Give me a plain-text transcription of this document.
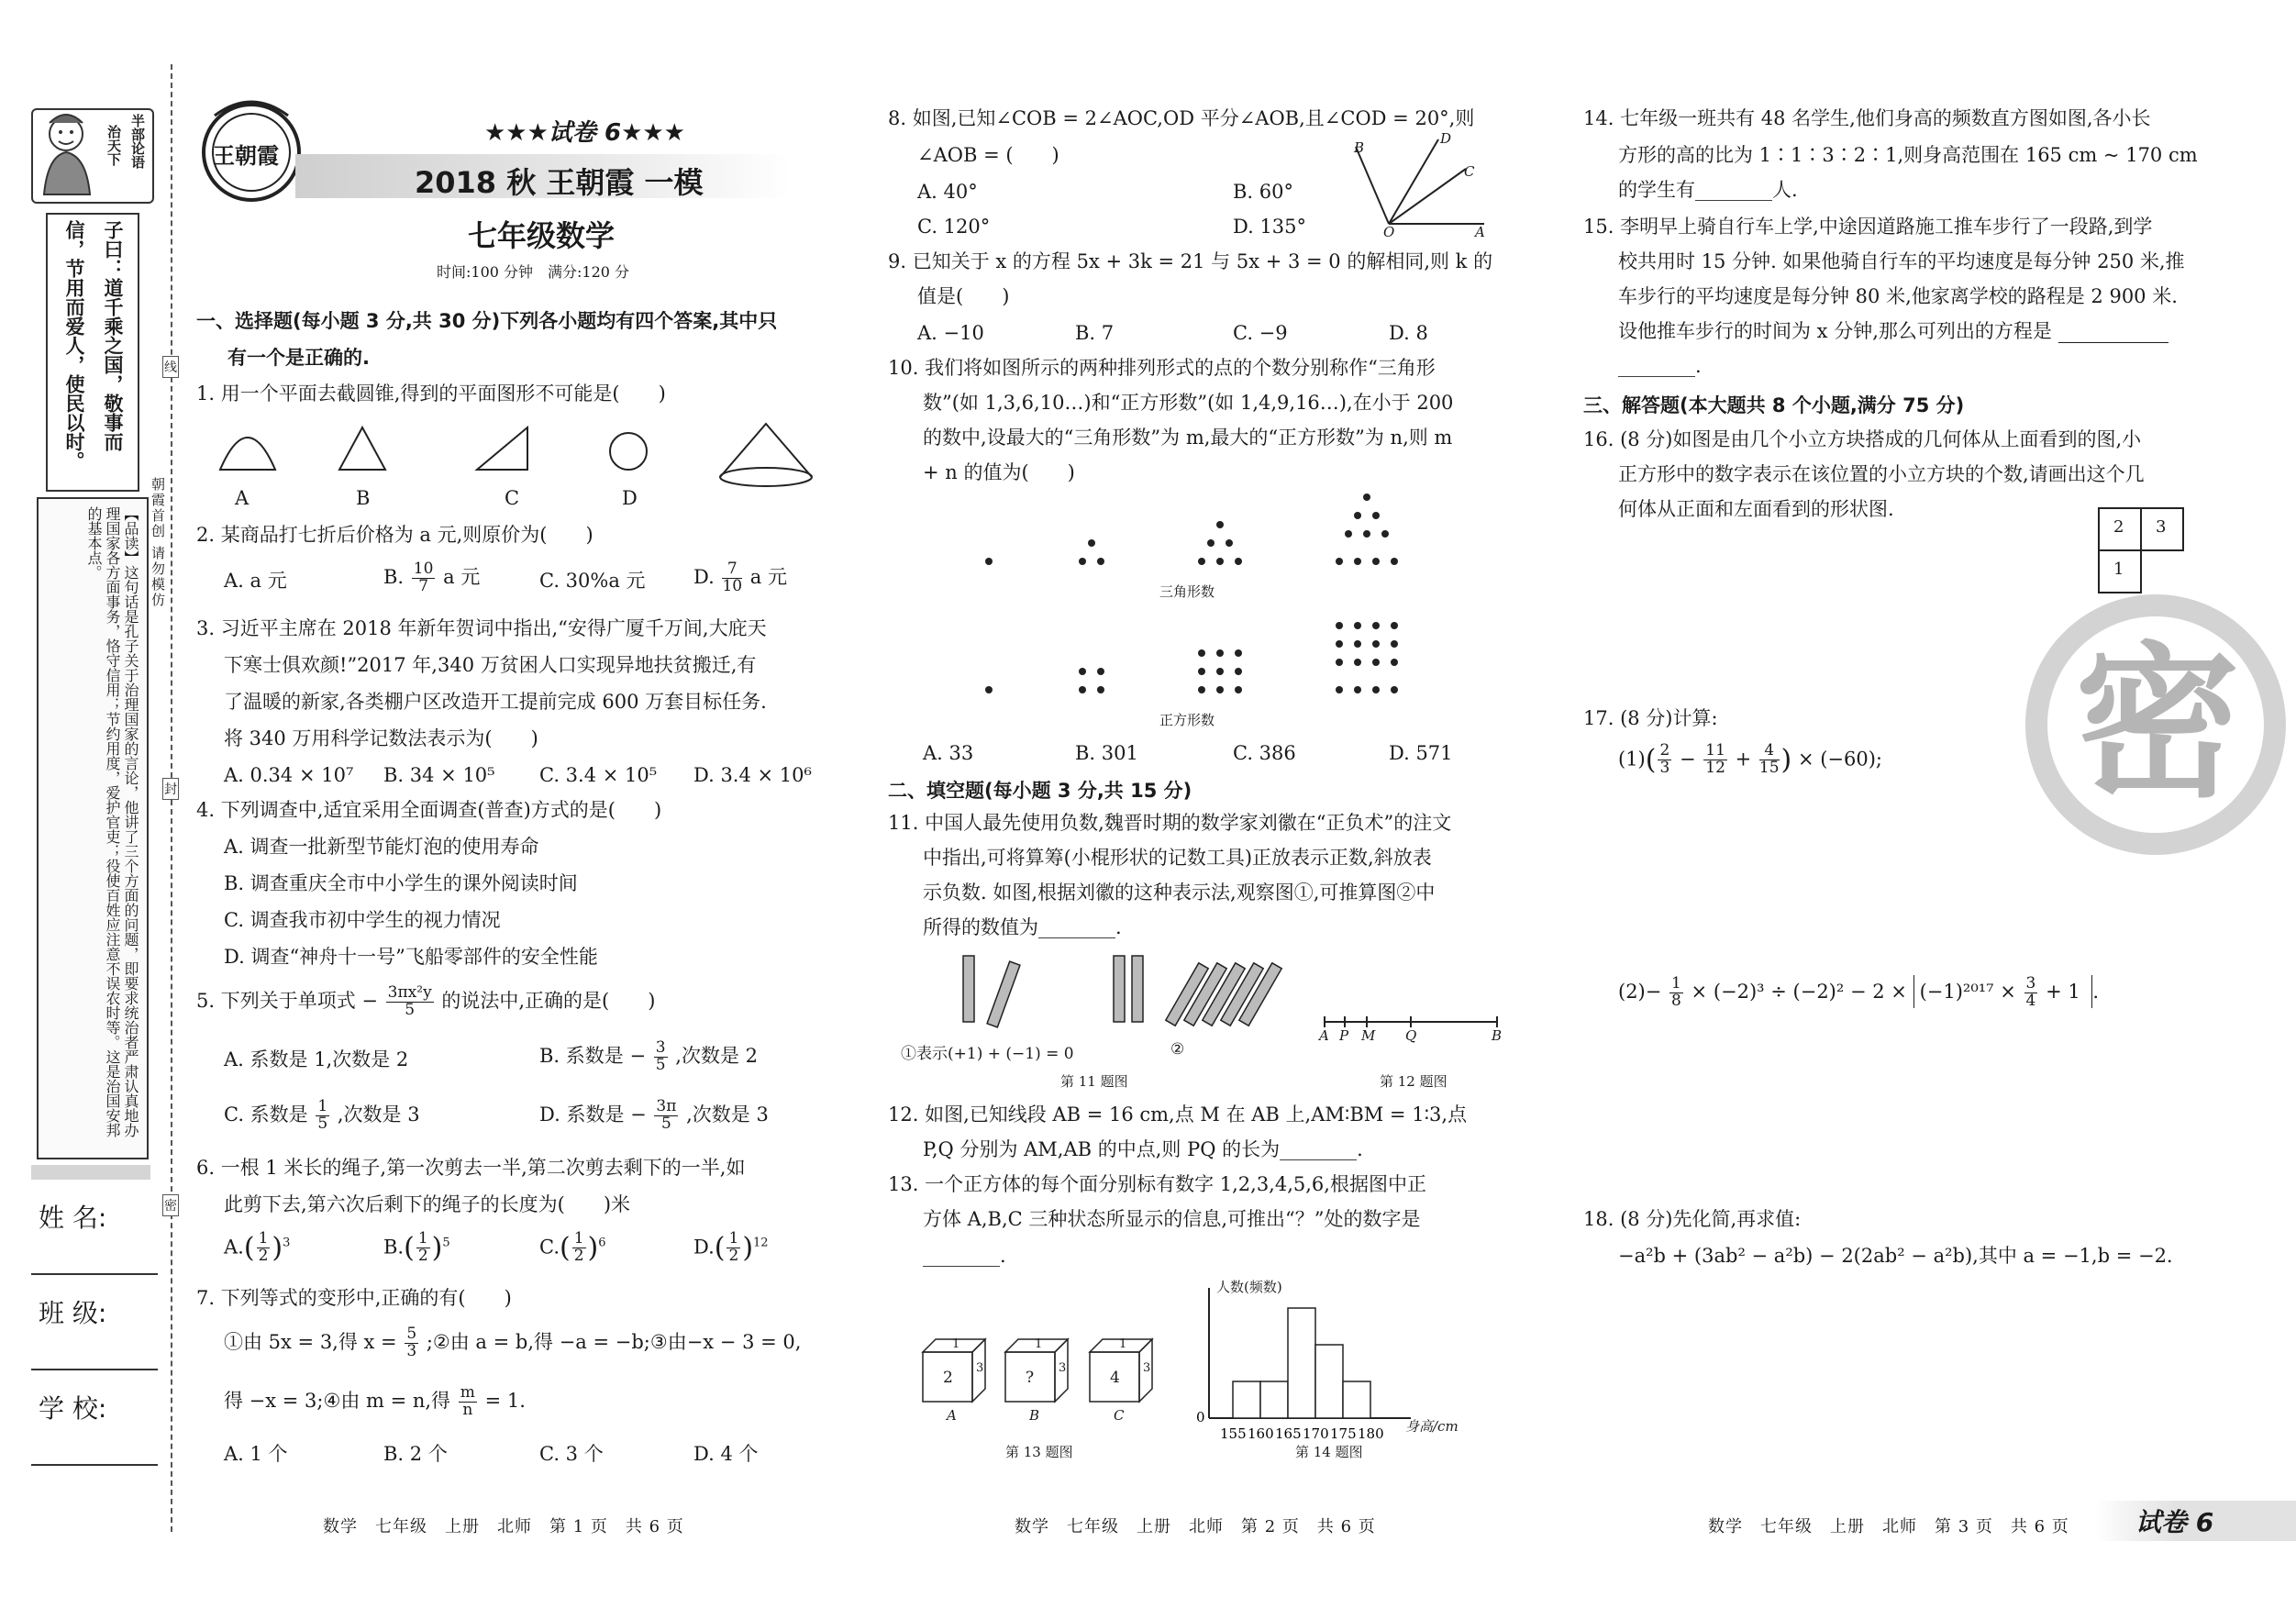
半部论语
治天下
子曰：道千乘之国，敬事而
信，节用而爱人，使民以时。
【品读】这句话是孔子关于治理国家的言论，他讲了三个方面的问题，即要求统治者严肃认真地办理国家各方面事务，恪守信用；节约用度，爱护官吏；役使百姓应注意不误农时等。这是治国安邦的基本点。
姓 名:
班 级:
学 校:
线
封
密
朝霞首创 请勿模仿
王朝霞
★★★试卷 6★★★
2018 秋 王朝霞 一模
七年级数学
时间:100 分钟　满分:120 分
一、选择题(每小题 3 分,共 30 分)下列各小题均有四个答案,其中只
有一个是正确的.
1. 用一个平面去截圆锥,得到的平面图形不可能是(　　)
A	B	C	D
2. 某商品打七折后价格为 a 元,则原价为(　　)
A. a 元	B. $\frac{10}{7}$ a 元	C. 30%a 元 D. $\frac{7}{10}$ a 元
3. 习近平主席在 2018 年新年贺词中指出,“安得广厦千万间,大庇天
下寒士俱欢颜!”2017 年,340 万贫困人口实现异地扶贫搬迁,有
了温暖的新家,各类棚户区改造开工提前完成 600 万套目标任务.
将 340 万用科学记数法表示为(　　)
A. 0.34 × 10⁷ B. 34 × 10⁵ C. 3.4 × 10⁵ D. 3.4 × 10⁶
4. 下列调查中,适宜采用全面调查(普查)方式的是(　　)
A. 调查一批新型节能灯泡的使用寿命
B. 调查重庆全市中小学生的课外阅读时间
C. 调查我市初中学生的视力情况
D. 调查“神舟十一号”飞船零部件的安全性能
5. 下列关于单项式 − $\frac{\text{3πx²y}}{5}$ 的说法中,正确的是(　　)
A. 系数是 1,次数是 2	B. 系数是 − $\frac{3}{5}$ ,次数是 2
C. 系数是 $\frac{1}{5}$ ,次数是 3	D. 系数是 − $\frac{3\pi}{5}$ ,次数是 3
6. 一根 1 米长的绳子,第一次剪去一半,第二次剪去剩下的一半,如
此剪下去,第六次后剩下的绳子的长度为(　　)米
$A.( \frac{1}{2} )^3$	$B.( \frac{1}{2} )^5$	$C.( \frac{1}{2} )^6$	$D.( \frac{1}{2} )^{12}$
7. 下列等式的变形中,正确的有(　　)
①由 5x = 3,得 $x = \frac{5}{3}$ ;②由 a = b,得 −a = −b;③由−x − 3 = 0,
得 −x = 3;④由 m = n,得 $\frac{m}{n} = 1$.
A. 1 个	B. 2 个	C. 3 个	D. 4 个
数学　七年级　上册　北师　第 1 页　共 6 页
8. 如图,已知∠COB = 2∠AOC,OD 平分∠AOB,且∠COD = 20°,则
∠AOB = (　　)
A. 40°	B. 60°
C. 120°	D. 135°
B
D
C
O	A
9. 已知关于 x 的方程 5x + 3k = 21 与 5x + 3 = 0 的解相同,则 k 的
值是(　　)
A. −10	B. 7	C. −9	D. 8
10. 我们将如图所示的两种排列形式的点的个数分别称作“三角形
数”(如 1,3,6,10…)和“正方形数”(如 1,4,9,16…),在小于 200
的数中,设最大的“三角形数”为 m,最大的“正方形数”为 n,则 m
+ n 的值为(　　)
三角形数
正方形数
A. 33	B. 301	C. 386	D. 571
二、填空题(每小题 3 分,共 15 分)
11. 中国人最先使用负数,魏晋时期的数学家刘徽在“正负术”的注文
中指出,可将算筹(小棍形状的记数工具)正放表示正数,斜放表
示负数. 如图,根据刘徽的这种表示法,观察图①,可推算图②中
所得的数值为________.
①表示(+1) + (−1) = 0	②
第 11 题图
A P M Q	B
第 12 题图
12. 如图,已知线段 AB = 16 cm,点 M 在 AB 上,AM∶BM = 1∶3,点
P,Q 分别为 AM,AB 的中点,则 PQ 的长为________.
13. 一个正方体的每个面分别标有数字 1,2,3,4,5,6,根据图中正
方体 A,B,C 三种状态所显示的信息,可推出“？”处的数字是
________.
1
2
3
A
1
?
3
B
1
4
3
C
第 13 题图
0
155 160 165 170 175 180
人数(频数)
身高/cm
第 14 题图
数学　七年级　上册　北师　第 2 页　共 6 页
14. 七年级一班共有 48 名学生,他们身高的频数直方图如图,各小长
方形的高的比为 1∶1∶3∶2∶1,则身高范围在 165 cm ~ 170 cm
的学生有________人.
15. 李明早上骑自行车上学,中途因道路施工推车步行了一段路,到学
校共用时 15 分钟. 如果他骑自行车的平均速度是每分钟 250 米,推
车步行的平均速度是每分钟 80 米,他家离学校的路程是 2 900 米.
设他推车步行的时间为 x 分钟,那么可列出的方程是
________.
三、解答题(本大题共 8 个小题,满分 75 分)
16. (8 分)如图是由几个小立方块搭成的几何体从上面看到的图,小
正方形中的数字表示在该位置的小立方块的个数,请画出这个几
何体从正面和左面看到的形状图.
2 3
1
密
17. (8 分)计算:
$(1)( \frac{2}{3} - \frac{11}{12} + \frac{4}{15}$ ) × (−60);
$(2)- \frac{1}{8} \times (-2)^3 \div (-2)^2 - 2 \times (-1)^{2017} \times \frac{3}{4} + 1$ .
18. (8 分)先化简,再求值:
−a²b + (3ab² − a²b) − 2(2ab² − a²b),其中 a = −1,b = −2.
数学　七年级　上册　北师　第 3 页　共 6 页	试卷 6
